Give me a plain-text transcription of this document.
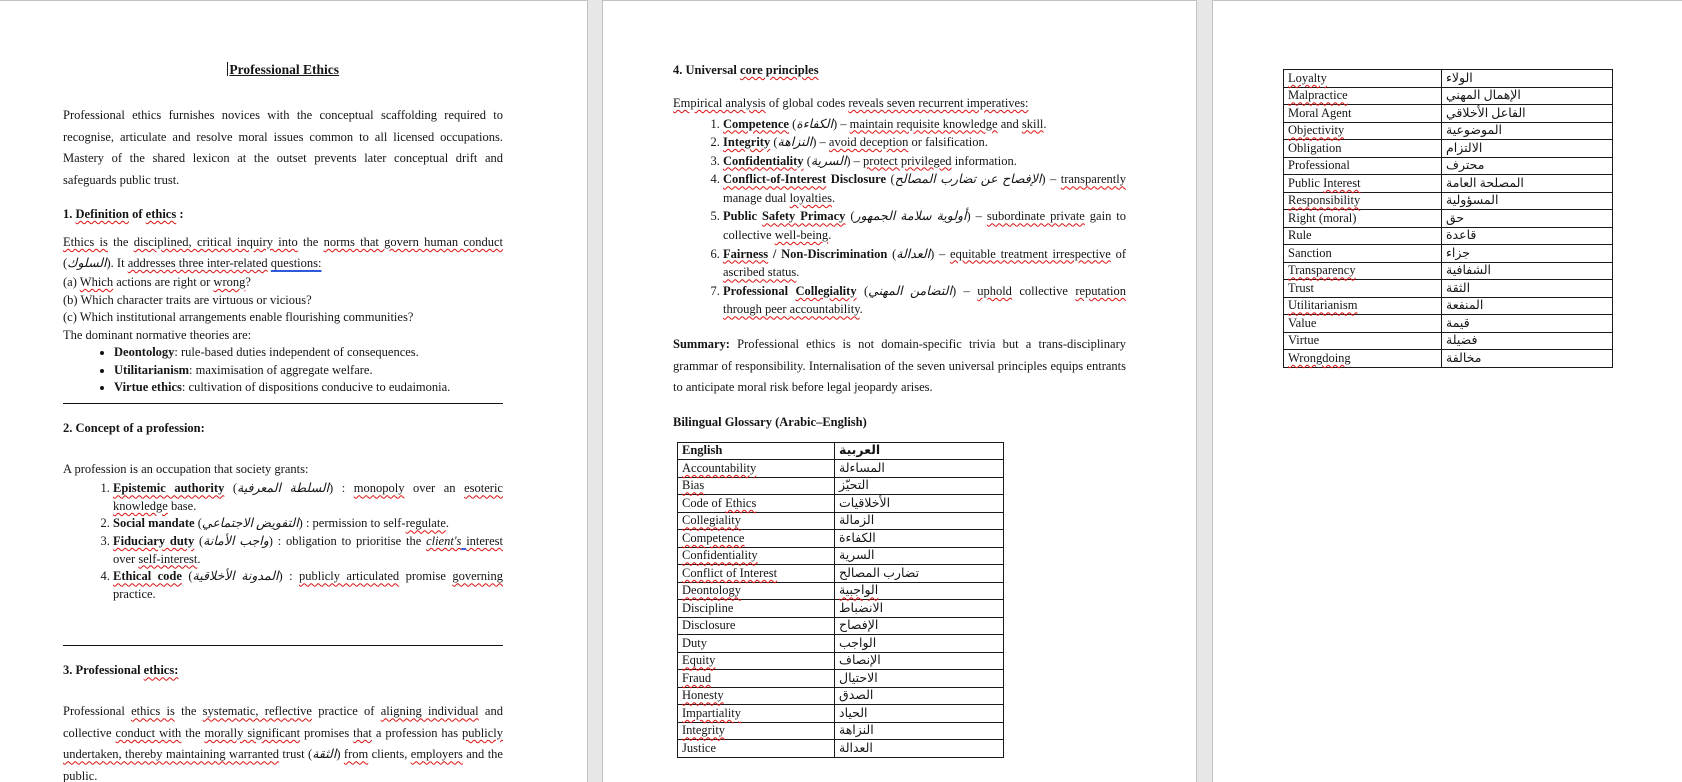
Professional Ethics

Professional ethics furnishes novices with the conceptual scaffolding required to recognise, articulate and resolve moral issues common to all licensed occupations. Mastery of the shared lexicon at the outset prevents later conceptual drift and safeguards public trust.

1. Definition of ethics :

Ethics is the disciplined, critical inquiry into the norms that govern human conduct (السلوك). It addresses three inter-related questions:

(a) Which actions are right or wrong?
(b) Which character traits are virtuous or vicious?
(c) Which institutional arrangements enable flourishing communities?
The dominant normative theories are:
• Deontology: rule-based duties independent of consequences.
• Utilitarianism: maximisation of aggregate welfare.
• Virtue ethics: cultivation of dispositions conducive to eudaimonia.
2. Concept of a profession:

A profession is an occupation that society grants:

1. Epistemic authority (السلطة المعرفية) : monopoly over an esoteric knowledge base.
2. Social mandate (التفويض الاجتماعي) : permission to self-regulate.
3. Fiduciary duty (واجب الأمانة) : obligation to prioritise the client's interest over self-interest.
4. Ethical code (المدونة الأخلاقية) : publicly articulated promise governing practice.
3. Professional ethics:

Professional ethics is the systematic, reflective practice of aligning individual and collective conduct with the morally significant promises that a profession has publicly undertaken, thereby maintaining warranted trust (الثقة) from clients, employers and the public.

4. Universal core principles

Empirical analysis of global codes reveals seven recurrent imperatives:

1. Competence (الكفاءة) – maintain requisite knowledge and skill.
2. Integrity (النزاهة) – avoid deception or falsification.
3. Confidentiality (السرية) – protect privileged information.
4. Conflict-of-Interest Disclosure (الإفصاح عن تضارب المصالح) – transparently manage dual loyalties.
5. Public Safety Primacy (أولوية سلامة الجمهور) – subordinate private gain to collective well-being.
6. Fairness / Non-Discrimination (العدالة) – equitable treatment irrespective of ascribed status.
7. Professional Collegiality (التضامن المهني) – uphold collective reputation through peer accountability.

Summary: Professional ethics is not domain-specific trivia but a trans-disciplinary grammar of responsibility. Internalisation of the seven universal principles equips entrants to anticipate moral risk before legal jeopardy arises.

Bilingual Glossary (Arabic–English)
English	العربية
Accountability	المساءلة
Bias	التحيّز
Code of Ethics	الأخلاقيات
Collegiality	الزمالة
Competence	الكفاءة
Confidentiality	السرية
Conflict of Interest	تضارب المصالح
Deontology	الواجبية
Discipline	الانضباط
Disclosure	الإفصاح
Duty	الواجب
Equity	الإنصاف
Fraud	الاحتيال
Honesty	الصدق
Impartiality	الحياد
Integrity	النزاهة
Justice	العدالة
Loyalty	الولاء
Malpractice	الإهمال المهني
Moral Agent	الفاعل الأخلاقي
Objectivity	الموضوعية
Obligation	الالتزام
Professional	محترف
Public Interest	المصلحة العامة
Responsibility	المسؤولية
Right (moral)	حق
Rule	قاعدة
Sanction	جزاء
Transparency	الشفافية
Trust	الثقة
Utilitarianism	المنفعة
Value	قيمة
Virtue	فضيلة
Wrongdoing	مخالفة
